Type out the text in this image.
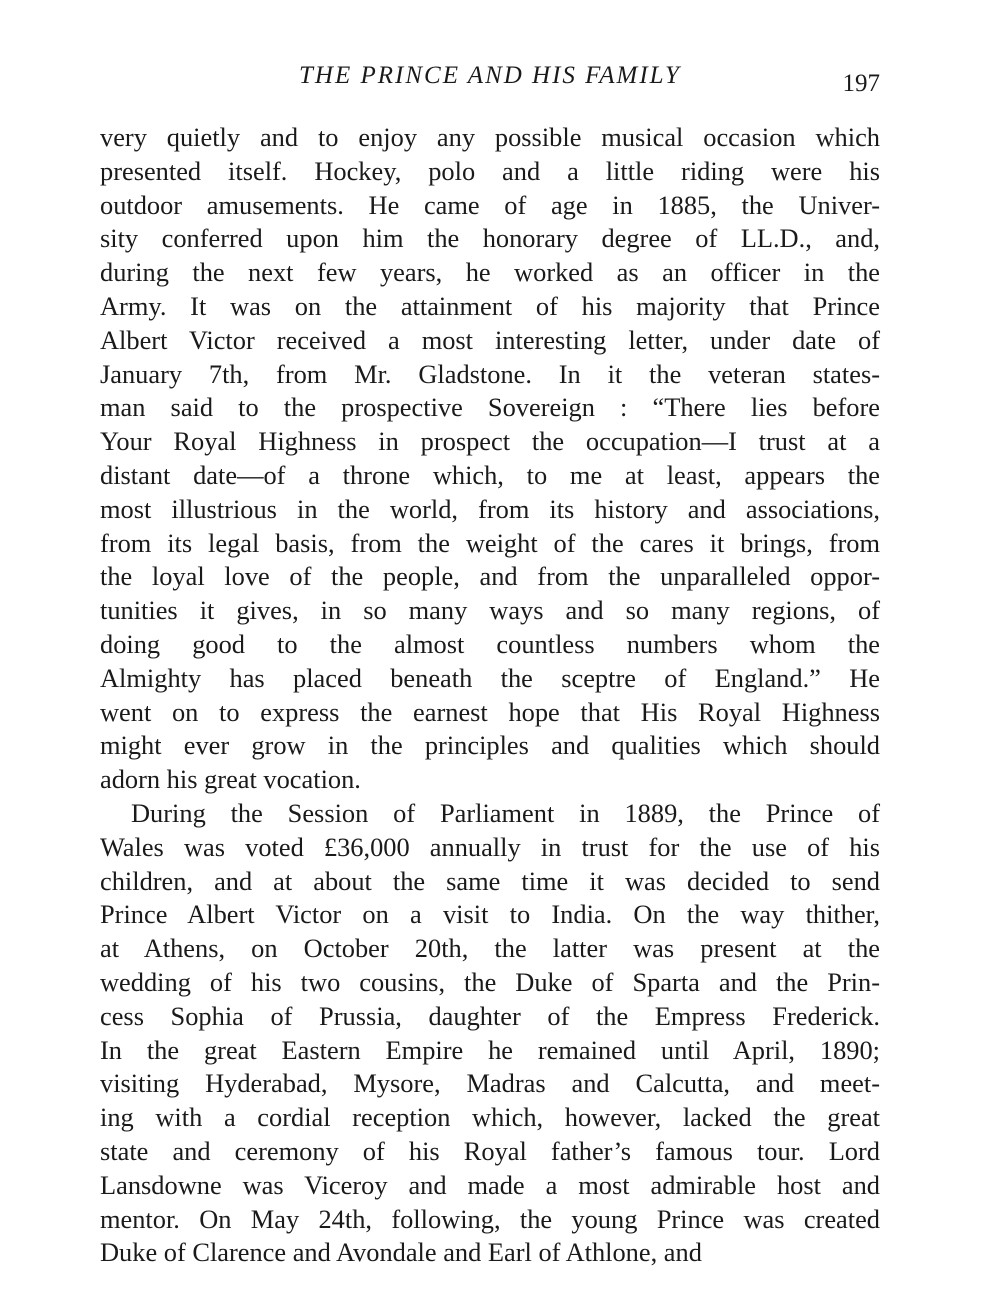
THE PRINCE AND HIS FAMILY	197
very quietly and to enjoy any possible musical occasion which
presented itself. Hockey, polo and a little riding were his
outdoor amusements. He came of age in 1885, the Univer-
sity conferred upon him the honorary degree of LL.D., and,
during the next few years, he worked as an officer in the
Army. It was on the attainment of his majority that Prince
Albert Victor received a most interesting letter, under date of
January 7th, from Mr. Gladstone. In it the veteran states-
man said to the prospective Sovereign : “There lies before
Your Royal Highness in prospect the occupation—I trust at a
distant date—of a throne which, to me at least, appears the
most illustrious in the world, from its history and associations,
from its legal basis, from the weight of the cares it brings, from
the loyal love of the people, and from the unparalleled oppor-
tunities it gives, in so many ways and so many regions, of
doing good to the almost countless numbers whom the
Almighty has placed beneath the sceptre of England.” He
went on to express the earnest hope that His Royal Highness
might ever grow in the principles and qualities which should
adorn his great vocation.
During the Session of Parliament in 1889, the Prince of
Wales was voted £36,000 annually in trust for the use of his
children, and at about the same time it was decided to send
Prince Albert Victor on a visit to India. On the way thither,
at Athens, on October 20th, the latter was present at the
wedding of his two cousins, the Duke of Sparta and the Prin-
cess Sophia of Prussia, daughter of the Empress Frederick.
In the great Eastern Empire he remained until April, 1890;
visiting Hyderabad, Mysore, Madras and Calcutta, and meet-
ing with a cordial reception which, however, lacked the great
state and ceremony of his Royal father’s famous tour. Lord
Lansdowne was Viceroy and made a most admirable host and
mentor. On May 24th, following, the young Prince was created
Duke of Clarence and Avondale and Earl of Athlone, and
